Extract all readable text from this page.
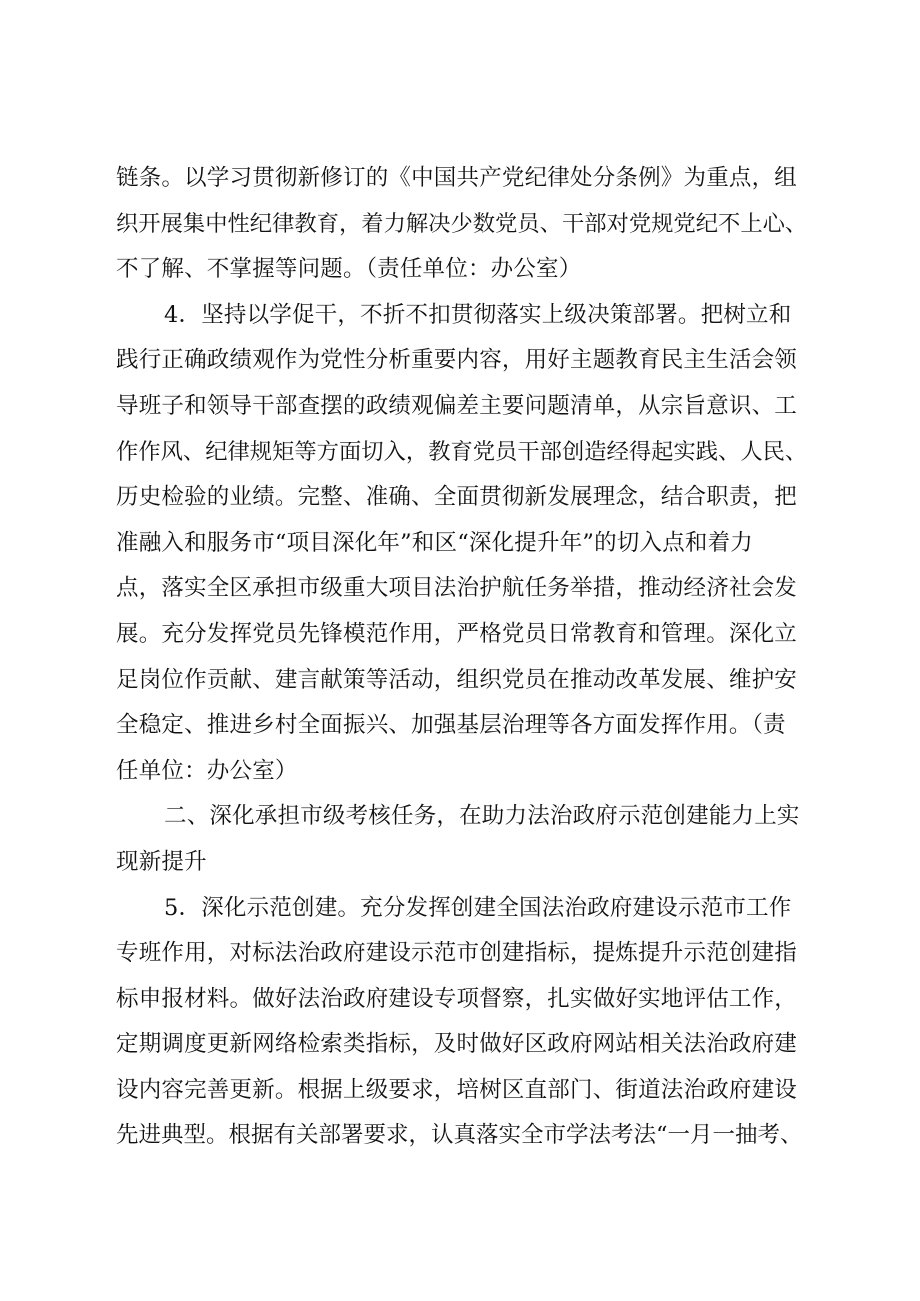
链条。以学习贯彻新修订的《中国共产党纪律处分条例》为重点，组
织开展集中性纪律教育，着力解决少数党员、干部对党规党纪不上心、
不了解、不掌握等问题。（责任单位：办公室）

4．坚持以学促干，不折不扣贯彻落实上级决策部署。把树立和
践行正确政绩观作为党性分析重要内容，用好主题教育民主生活会领
导班子和领导干部查摆的政绩观偏差主要问题清单，从宗旨意识、工
作作风、纪律规矩等方面切入，教育党员干部创造经得起实践、人民、
历史检验的业绩。完整、准确、全面贯彻新发展理念，结合职责，把
准融入和服务市“项目深化年”和区“深化提升年”的切入点和着力
点，落实全区承担市级重大项目法治护航任务举措，推动经济社会发
展。充分发挥党员先锋模范作用，严格党员日常教育和管理。深化立
足岗位作贡献、建言献策等活动，组织党员在推动改革发展、维护安
全稳定、推进乡村全面振兴、加强基层治理等各方面发挥作用。（责
任单位：办公室）

二、深化承担市级考核任务，在助力法治政府示范创建能力上实
现新提升

5．深化示范创建。充分发挥创建全国法治政府建设示范市工作
专班作用，对标法治政府建设示范市创建指标，提炼提升示范创建指
标申报材料。做好法治政府建设专项督察，扎实做好实地评估工作，
定期调度更新网络检索类指标，及时做好区政府网站相关法治政府建
设内容完善更新。根据上级要求，培树区直部门、街道法治政府建设
先进典型。根据有关部署要求，认真落实全市学法考法“一月一抽考、
